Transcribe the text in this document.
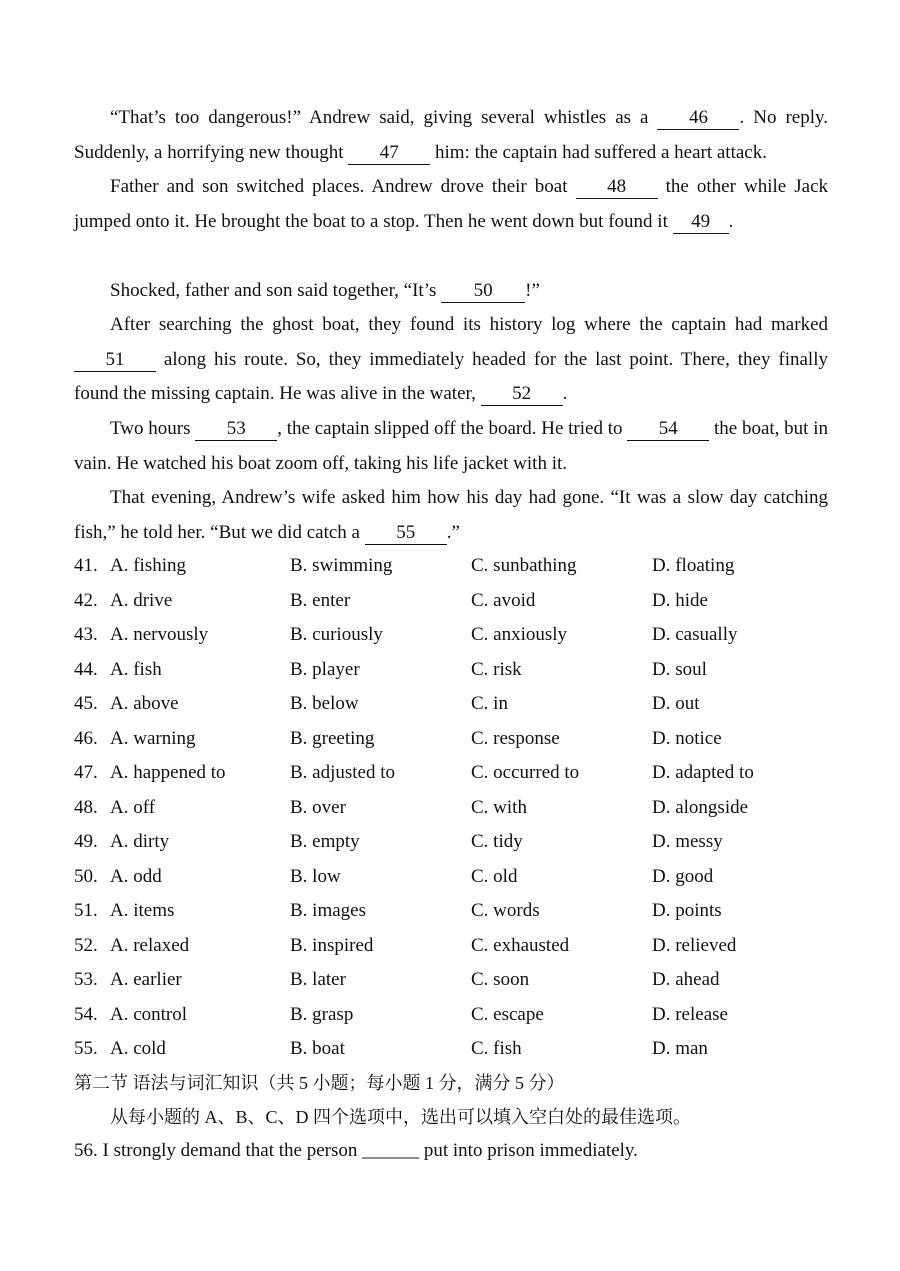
“That’s too dangerous!” Andrew said, giving several whistles as a 46 . No reply. Suddenly, a horrifying new thought 47 him: the captain had suffered a heart attack.
Father and son switched places. Andrew drove their boat 48 the other while Jack jumped onto it. He brought the boat to a stop. Then he went down but found it 49 .
Shocked, father and son said together, “It’s 50 !”
After searching the ghost boat, they found its history log where the captain had marked 51 along his route. So, they immediately headed for the last point. There, they finally found the missing captain. He was alive in the water, 52 .
Two hours 53 , the captain slipped off the board. He tried to 54 the boat, but in vain. He watched his boat zoom off, taking his life jacket with it.
That evening, Andrew’s wife asked him how his day had gone. “It was a slow day catching fish,” he told her. “But we did catch a 55 .”
41. A. fishing	B. swimming	C. sunbathing	D. floating
42. A. drive	B. enter	C. avoid	D. hide
43. A. nervously	B. curiously	C. anxiously	D. casually
44. A. fish	B. player	C. risk	D. soul
45. A. above	B. below	C. in	D. out
46. A. warning	B. greeting	C. response	D. notice
47. A. happened to	B. adjusted to	C. occurred to	D. adapted to
48. A. off	B. over	C. with	D. alongside
49. A. dirty	B. empty	C. tidy	D. messy
50. A. odd	B. low	C. old	D. good
51. A. items	B. images	C. words	D. points
52. A. relaxed	B. inspired	C. exhausted	D. relieved
53. A. earlier	B. later	C. soon	D. ahead
54. A. control	B. grasp	C. escape	D. release
55. A. cold	B. boat	C. fish	D. man
第二节 语法与词汇知识（共 5 小题；每小题 1 分，满分 5 分）
从每小题的 A、B、C、D 四个选项中，选出可以填入空白处的最佳选项。
56. I strongly demand that the person ______ put into prison immediately.
